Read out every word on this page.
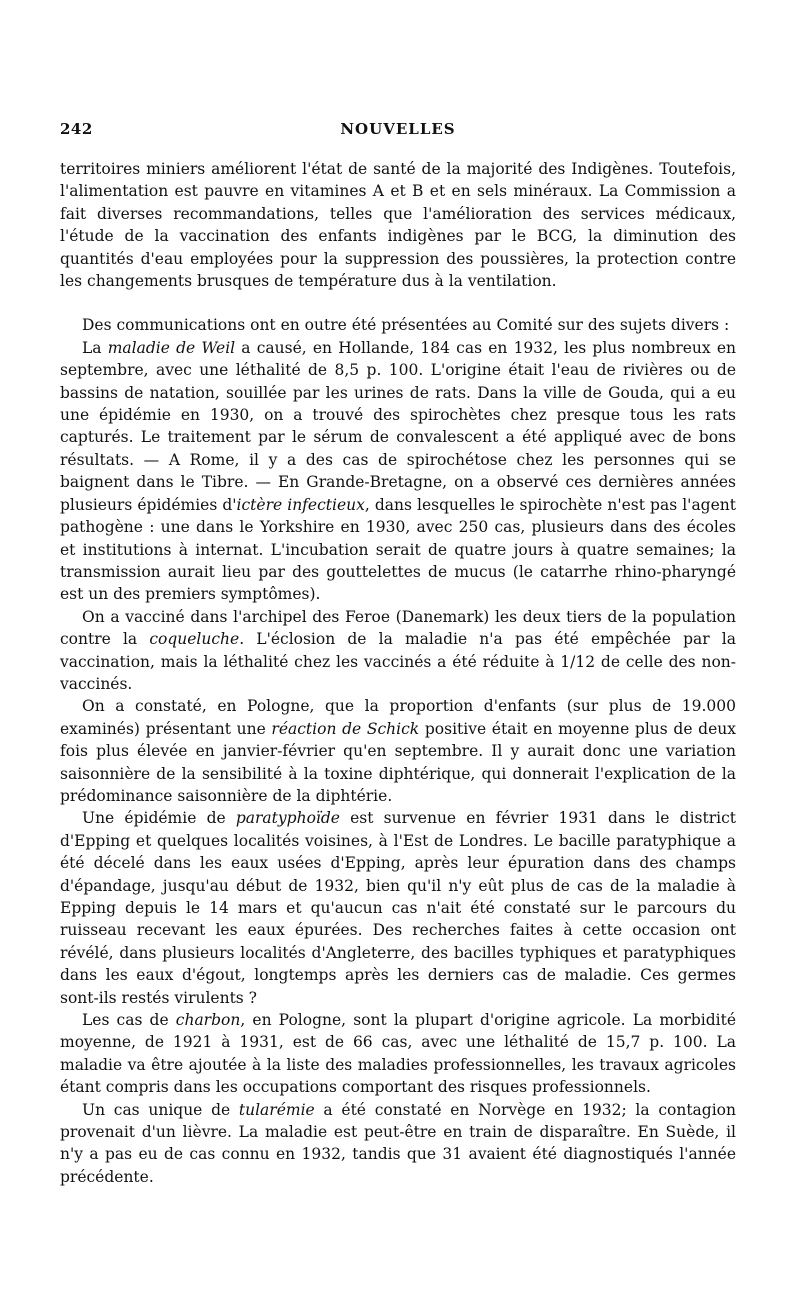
242	NOUVELLES

territoires miniers améliorent l'état de santé de la majorité des Indigènes. Toutefois, l'alimentation est pauvre en vitamines A et B et en sels minéraux. La Commission a fait diverses recommandations, telles que l'amélioration des services médicaux, l'étude de la vaccination des enfants indigènes par le BCG, la diminution des quantités d'eau employées pour la suppression des poussières, la protection contre les changements brusques de température dus à la ventilation.

Des communications ont en outre été présentées au Comité sur des sujets divers :

La maladie de Weil a causé, en Hollande, 184 cas en 1932, les plus nombreux en septembre, avec une léthalité de 8,5 p. 100. L'origine était l'eau de rivières ou de bassins de natation, souillée par les urines de rats. Dans la ville de Gouda, qui a eu une épidémie en 1930, on a trouvé des spirochètes chez presque tous les rats capturés. Le traitement par le sérum de convalescent a été appliqué avec de bons résultats. — A Rome, il y a des cas de spirochétose chez les personnes qui se baignent dans le Tibre. — En Grande-Bretagne, on a observé ces dernières années plusieurs épidémies d'ictère infectieux, dans lesquelles le spirochète n'est pas l'agent pathogène : une dans le Yorkshire en 1930, avec 250 cas, plusieurs dans des écoles et institutions à internat. L'incubation serait de quatre jours à quatre semaines; la transmission aurait lieu par des gouttelettes de mucus (le catarrhe rhino-pharyngé est un des premiers symptômes).

On a vacciné dans l'archipel des Feroe (Danemark) les deux tiers de la population contre la coqueluche. L'éclosion de la maladie n'a pas été empêchée par la vaccination, mais la léthalité chez les vaccinés a été réduite à 1/12 de celle des non-vaccinés.

On a constaté, en Pologne, que la proportion d'enfants (sur plus de 19.000 examinés) présentant une réaction de Schick positive était en moyenne plus de deux fois plus élevée en janvier-février qu'en septembre. Il y aurait donc une variation saisonnière de la sensibilité à la toxine diphtérique, qui donnerait l'explication de la prédominance saisonnière de la diphtérie.

Une épidémie de paratyphoïde est survenue en février 1931 dans le district d'Epping et quelques localités voisines, à l'Est de Londres. Le bacille paratyphique a été décelé dans les eaux usées d'Epping, après leur épuration dans des champs d'épandage, jusqu'au début de 1932, bien qu'il n'y eût plus de cas de la maladie à Epping depuis le 14 mars et qu'aucun cas n'ait été constaté sur le parcours du ruisseau recevant les eaux épurées. Des recherches faites à cette occasion ont révélé, dans plusieurs localités d'Angleterre, des bacilles typhiques et paratyphiques dans les eaux d'égout, longtemps après les derniers cas de maladie. Ces germes sont-ils restés virulents ?

Les cas de charbon, en Pologne, sont la plupart d'origine agricole. La morbidité moyenne, de 1921 à 1931, est de 66 cas, avec une léthalité de 15,7 p. 100. La maladie va être ajoutée à la liste des maladies professionnelles, les travaux agricoles étant compris dans les occupations comportant des risques professionnels.

Un cas unique de tularémie a été constaté en Norvège en 1932; la contagion provenait d'un lièvre. La maladie est peut-être en train de disparaître. En Suède, il n'y a pas eu de cas connu en 1932, tandis que 31 avaient été diagnostiqués l'année précédente.
